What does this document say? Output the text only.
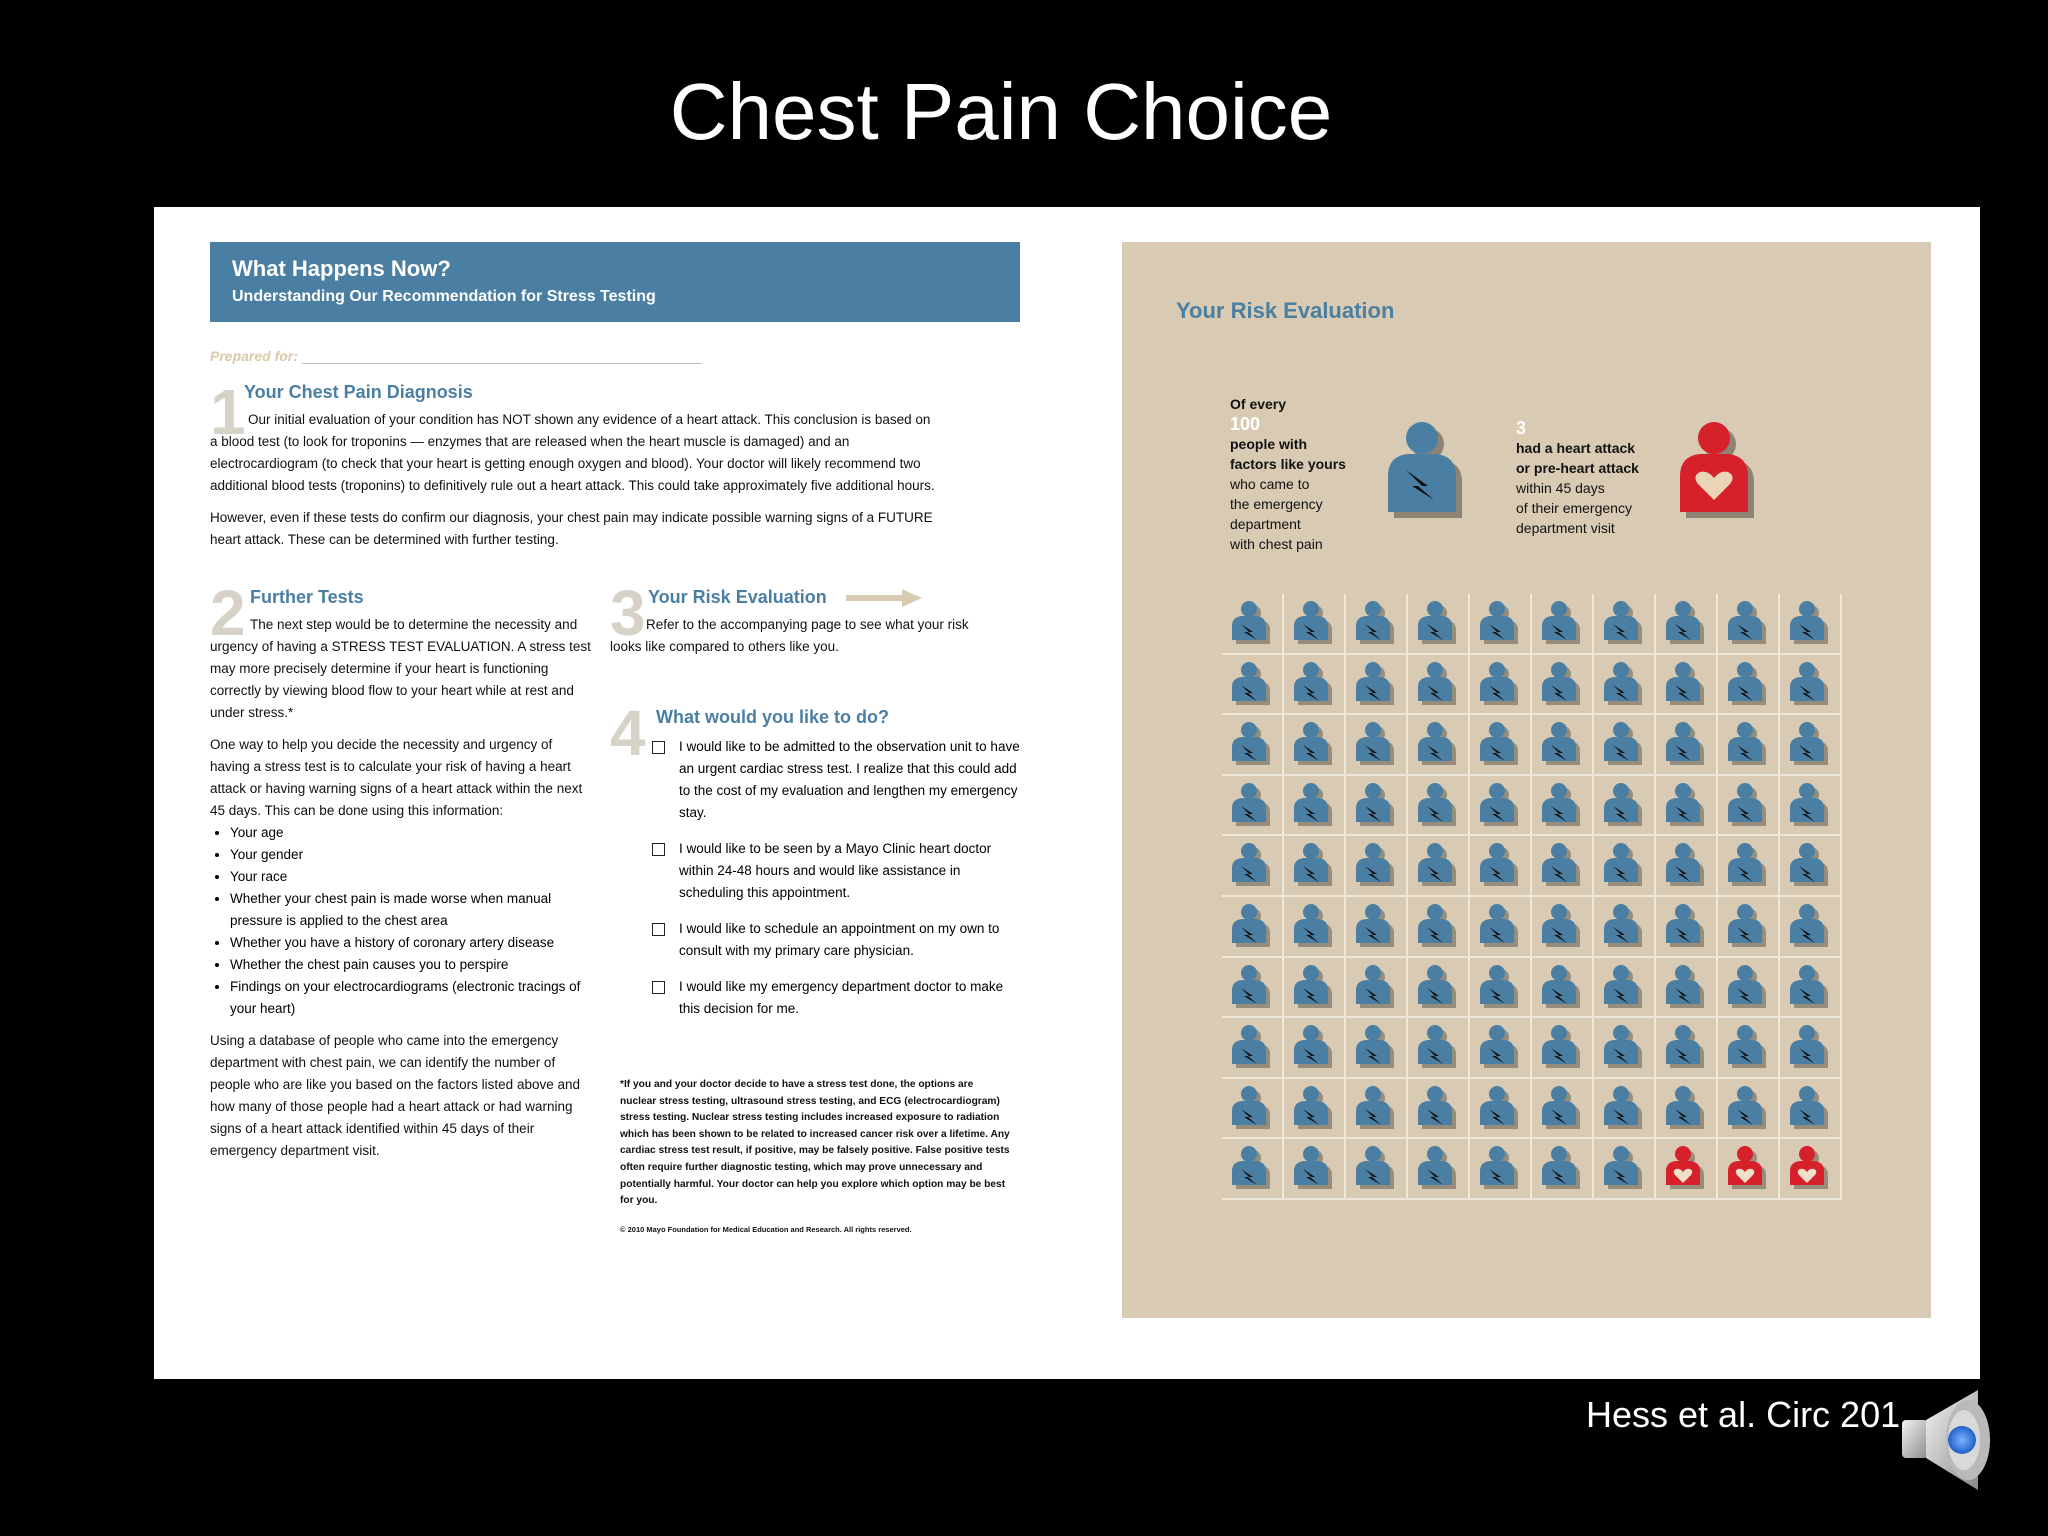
Chest Pain Choice
What Happens Now?
Understanding Our Recommendation for Stress Testing
Prepared for:
1
Your Chest Pain Diagnosis
Our initial evaluation of your condition has NOT shown any evidence of a heart attack. This conclusion is based on a blood test (to look for troponins — enzymes that are released when the heart muscle is damaged) and an electrocardiogram (to check that your heart is getting enough oxygen and blood). Your doctor will likely recommend two additional blood tests (troponins) to definitively rule out a heart attack. This could take approximately five additional hours.
However, even if these tests do confirm our diagnosis, your chest pain may indicate possible warning signs of a FUTURE heart attack. These can be determined with further testing.
2 Further Tests
The next step would be to determine the necessity and urgency of having a STRESS TEST EVALUATION. A stress test may more precisely determine if your heart is functioning correctly by viewing blood flow to your heart while at rest and under stress.*
One way to help you decide the necessity and urgency of having a stress test is to calculate your risk of having a heart attack or having warning signs of a heart attack within the next 45 days. This can be done using this information:
• Your age
• Your gender
• Your race
• Whether your chest pain is made worse when manual pressure is applied to the chest area
• Whether you have a history of coronary artery disease
• Whether the chest pain causes you to perspire
• Findings on your electrocardiograms (electronic tracings of your heart)
Using a database of people who came into the emergency department with chest pain, we can identify the number of people who are like you based on the factors listed above and how many of those people had a heart attack or had warning signs of a heart attack identified within 45 days of their emergency department visit.
3 Your Risk Evaluation
Refer to the accompanying page to see what your risk looks like compared to others like you.
4 What would you like to do?
I would like to be admitted to the observation unit to have an urgent cardiac stress test. I realize that this could add to the cost of my evaluation and lengthen my emergency stay.
I would like to be seen by a Mayo Clinic heart doctor within 24-48 hours and would like assistance in scheduling this appointment.
I would like to schedule an appointment on my own to consult with my primary care physician.
I would like my emergency department doctor to make this decision for me.
*If you and your doctor decide to have a stress test done, the options are nuclear stress testing, ultrasound stress testing, and ECG (electrocardiogram) stress testing. Nuclear stress testing includes increased exposure to radiation which has been shown to be related to increased cancer risk over a lifetime. Any cardiac stress test result, if positive, may be falsely positive. False positive tests often require further diagnostic testing, which may prove unnecessary and potentially harmful. Your doctor can help you explore which option may be best for you.
© 2010 Mayo Foundation for Medical Education and Research. All rights reserved.
Your Risk Evaluation
Of every
100
people with
factors like yours
who came to
the emergency
department
with chest pain
3
had a heart attack
or pre-heart attack
within 45 days
of their emergency
department visit
Hess et al. Circ 201
